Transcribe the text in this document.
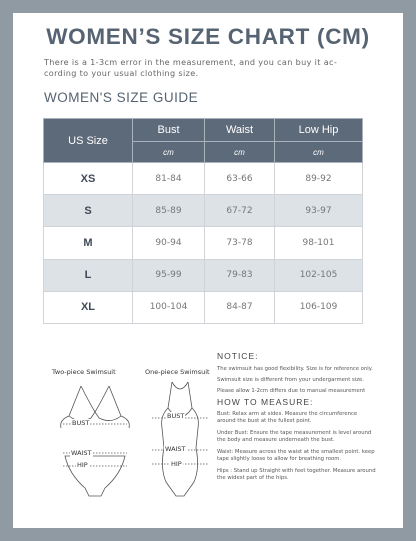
WOMEN’S SIZE CHART (CM)
There is a 1-3cm error in the measurement, and you can buy it ac-cording to your usual clothing size.
WOMEN'S SIZE GUIDE
US Size	Bust	Waist	Low Hip
	cm	cm	cm
XS	81-84	63-66	89-92
S	85-89	67-72	93-97
M	90-94	73-78	98-101
L	95-99	79-83	102-105
XL	100-104	84-87	106-109
Two-piece Swimsuit
BUST
WAIST
HIP
One-piece Swimsuit
BUST
WAIST
HIP
NOTICE:
The swimsuit has good flexibility. Size is for reference only.
Swimsuit size is different from your undergarment size.
Please allow 1-2cm differs due to manual measurement
HOW TO MEASURE:
Bust: Relax arm at sides. Measure the circumference around the bust at the fullest point.
Under Bust: Ensure the tape measurement is level around the body and measure underneath the bust.
Waist: Measure across the waist at the smallest point. keep tape slightly loose to allow for breathing room.
Hips : Stand up Straight with feet together. Measure around the widest part of the hips.
